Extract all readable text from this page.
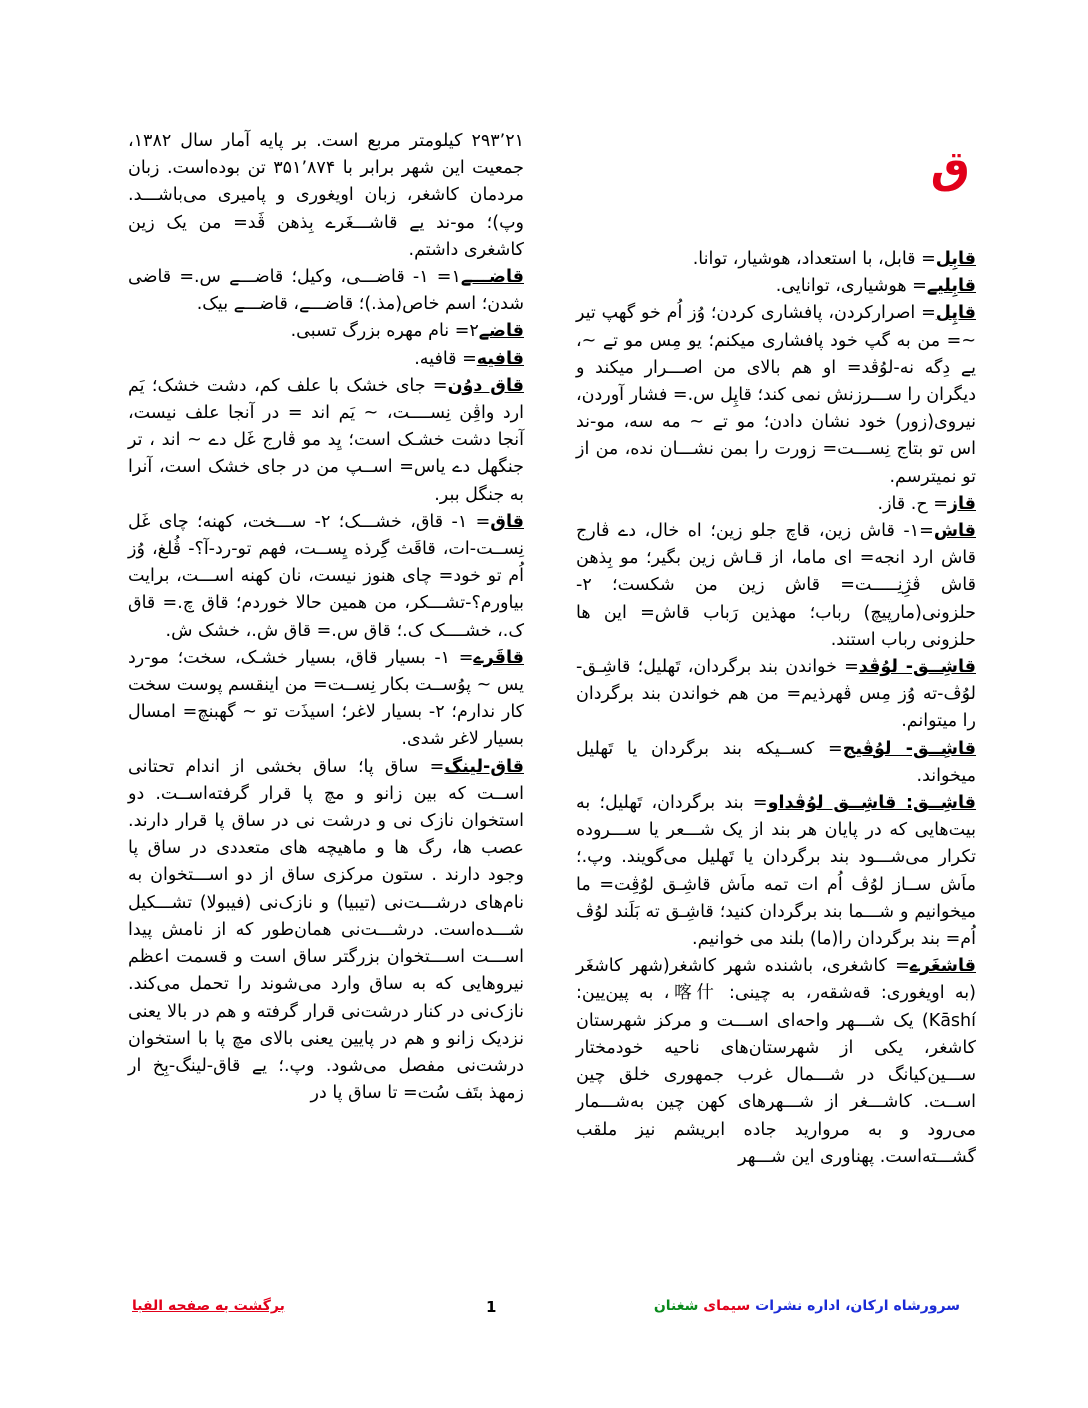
ق

قابِل= قابل، با استعداد، هوشیار، توانا.

قابِلیے= هوشیاری، توانایی.

قاپِل= اصرارکردن، پافشاری کردن؛ وُز اُم خو گهپ تیر ~= من به گپ خود پافشاری میکنم؛ یو مِس مو تے ~، یے دِگه نه-لوُڤد= او هم بالای من اصـــرار میکند و دیگران را ســـرزنش نمی کند؛ قاپِل س.= فشار آوردن، نیروی(زور) خود نشان دادن؛ مو تے ~ مه سه، مو-ند اس تو بتاج نِســـت= زورت را بمن نشـــان نده، من از تو نمیترسم.

قاز= ح. قاز.

قاش=۱- قاش زین، قاچ جلو زین؛ اه خال، دے ڤارج قاش ارد انجه= ای ماما، از قـاش زین بگیر؛ مو بِذهن قاش ڤژِنِـــــت= قاش زین من شکست؛ ۲-حلزونی(مارپیچ) رباب؛ مهذین رَباب قاش= این ها حلزونی رباب استند.

قاشِــق- لوُڤد= خواندن بند برگردان، تَهلیل؛ قاشِـق- لوُڤ-ته وُز مِس ڤهرذیم= من هم خواندن بند برگردان را میتوانم.

قاشِــق- لوُڤیج= کســیکه بند برگردان یا تَهلیل میخواند.

قاشِــق: قاشِــق لوُڤداو= بند برگردان، تَهلیل؛ به بیت‌هایی که در پایان هر بند از یک شـــعر یا ســـروده تکرار می‌شـــود بند برگردان یا تَهلیل می‌گویند. وپ.؛ ماَش ســاز لوُڤ اُم ات تمه ماَش قاشِـق لوُڤِت= ما میخوانیم و شـــما بند برگردان کنید؛ قاشِـق ته بَلَند لوُڤ اُم= بند برگردان را(ما) بلند می خوانیم.

قاشغَرے= کاشغری، باشنده شهر کاشغر(شهر کاشغَر (به اویغوری: قەشقەر، به چینی: 喀什، به پین‌یین: Kāshí) یک شـــهر واحه‌ای اســـت و مرکز شهرستان کاشغر، یکی از شهرستان‌های ناحیه خودمختار ســـین‌کیانگ در شـــمال غرب جمهوری خلق چین اســت. کاشـــغر از شـــهرهای کهن چین به‌شـــمار می‌رود و به مرواريد جاده ابریشم نیز ملقب گشـــته‌است. پهناوری این شـــهر

۲۹۳٬۲۱ کیلومتر مربع است. بر پایه آمار سال ۱۳۸۲، جمعیت این شهر برابر با ۳۵۱٬۸۷۴ تن بوده‌است. زبان مردمان کاشغر، زبان اویغوری و پامیری می‌باشـــد. وپ)؛ مو-ند یے قاشـــغَرے بِذهن ڤَد= من یک زین کاشغری داشتم.

قاضـــے۱= ۱- قاضـــی، وکیل؛ قاضـــے س.= قاضی شدن؛ اسم خاص(مذ.)؛ قاضـــے، قاضـــے بیک.

قاضے۲= نام مهره بزرگ تسبی.

قافیه= قافیه.

قاق دوُن= جای خشک با علف کم، دشت خشک؛ یَم ارد واڤِن نِســــت، ~ یَم اند = در آنجا علف نیست، آنجا دشت خشـک است؛ یِد مو ڤارج غَل دے ~ اند ، تر جنگهل دے یاس= اســپ من در جای خشک است، آنرا به جنگل ببر.

قاق= ۱- قاق، خشـــک؛ ۲- ســـخت، کهنه؛ چای غَل نِســت-ات، قاقَث گِرذه یِســت، فهم تو-رد-آ؟- ڤُلغ، وُز اُم تو خود= چای هنوز نیست، نان کهنه اســـت، برایت بیاورم؟-تشـــکر، من همین حالا خوردم؛ قاق چ.= قاق ک.، خشــــک ک.؛ قاق س.= قاق ش.، خشک ش.

قاقَرے= ۱- بسیار قاق، بسیار خشـک، سخت؛ مو-رد یس ~ پوُســت بکار نِســت= من اینقسم پوست سخت کار ندارم؛ ۲- بسیار لاغر؛ اسیذَت تو ~ گهبنچ= امسال بسیار لاغر شدی.

قاق-لینگ= ساق پا؛ ساق بخشی از اندام تحتانی اســت که بین زانو و مچ پا قرار گرفته‌اســت. دو استخوان نازک نی و درشت نی در ساق پا قرار دارند. عصب ها، رگ ها و ماهیچه های متعددی در ساق پا وجود دارند . ستون مرکزی ساق از دو اســـتخوان به نام‌های درشـــت‌نی (تیبیا) و نازک‌نی (فیبولا) تشـــکیل شـــده‌است. درشـــت‌نی همان‌طور که از نامش پیدا اســـت اســـتخوان بزرگتر ساق است و قسمت اعظم نیروهایی که به ساق وارد می‌شوند را تحمل می‌کند. نازک‌نی در کنار درشت‌نی قرار گرفته و هم در بالا یعنی نزدیک زانو و هم در پایین یعنی بالای مچ پا با استخوان درشت‌نی مفصل می‌شود. وپ.؛ یے قاق-لینگ-بِخ ار زمهذ بتَف سُت= تا ساق پا در

سرورشاه ارکان، اداره نشرات سیمای شغنان
1
برگشت به صفحه الفبا
